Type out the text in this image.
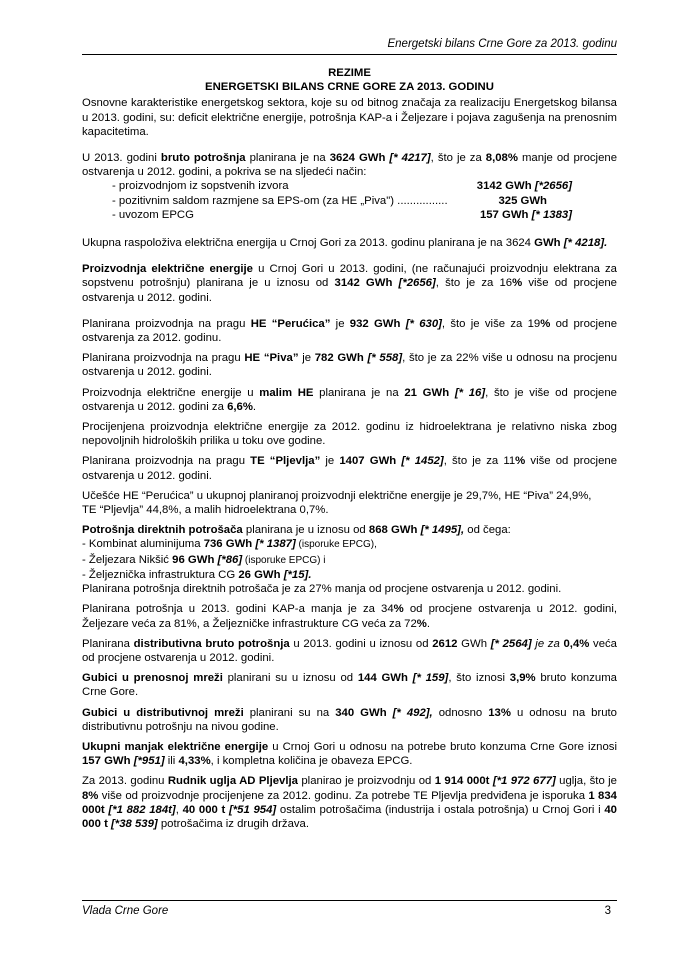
Energetski bilans Crne Gore za 2013. godinu

REZIME

ENERGETSKI BILANS CRNE GORE ZA 2013. GODINU

Osnovne karakteristike energetskog sektora, koje su od bitnog značaja za realizaciju Energetskog bilansa u 2013. godini, su: deficit električne energije, potrošnja KAP-a i Željezare i pojava zagušenja na prenosnim kapacitetima.

U 2013. godini bruto potrošnja planirana je na 3624 GWh [* 4217], što je za 8,08% manje od procjene ostvarenja u 2012. godini, a pokriva se na sljedeći način:

- proizvodnjom iz sopstvenih izvora	3142 GWh [*2656]
- pozitivnim saldom razmjene sa EPS-om (za HE „Piva") ................	325 GWh
- uvozom EPCG	157 GWh [* 1383]

Ukupna raspoloživa električna energija u Crnoj Gori za 2013. godinu planirana je na 3624 GWh [* 4218].

Proizvodnja električne energije u Crnoj Gori u 2013. godini, (ne računajući proizvodnju elektrana za sopstvenu potrošnju) planirana je u iznosu od 3142 GWh [*2656], što je za 16% više od procjene ostvarenja u 2012. godini.

Planirana proizvodnja na pragu HE “Perućica” je 932 GWh [* 630], što je više za 19% od procjene ostvarenja za 2012. godinu.

Planirana proizvodnja na pragu HE “Piva” je 782 GWh [* 558], što je za 22% više u odnosu na procjenu ostvarenja u 2012. godini.

Proizvodnja električne energije u malim HE planirana je na 21 GWh [* 16], što je više od procjene ostvarenja u 2012. godini za 6,6%.

Procijenjena proizvodnja električne energije za 2012. godinu iz hidroelektrana je relativno niska zbog nepovoljnih hidroloških prilika u toku ove godine.

Planirana proizvodnja na pragu TE “Pljevlja” je 1407 GWh [* 1452], što je za 11% više od procjene ostvarenja u 2012. godini.

Učešće HE “Perućica” u ukupnoj planiranoj proizvodnji električne energije je 29,7%, HE “Piva” 24,9%,
TE “Pljevlja” 44,8%, a malih hidroelektrana 0,7%.

Potrošnja direktnih potrošača planirana je u iznosu od 868 GWh [* 1495], od čega:

- Kombinat aluminijuma 736 GWh [* 1387] (isporuke EPCG),
- Željezara Nikšić 96 GWh [*86] (isporuke EPCG) i
- Željeznička infrastruktura CG 26 GWh [*15].

Planirana potrošnja direktnih potrošača je za 27% manja od procjene ostvarenja u 2012. godini.

Planirana potrošnja u 2013. godini KAP-a manja je za 34% od procjene ostvarenja u 2012. godini, Željezare veća za 81%, a Željezničke infrastrukture CG veća za 72%.

Planirana distributivna bruto potrošnja u 2013. godini u iznosu od 2612 GWh [* 2564] je za 0,4% veća od procjene ostvarenja u 2012. godini.

Gubici u prenosnoj mreži planirani su u iznosu od 144 GWh [* 159], što iznosi 3,9% bruto konzuma Crne Gore.

Gubici u distributivnoj mreži planirani su na 340 GWh [* 492], odnosno 13% u odnosu na bruto distributivnu potrošnju na nivou godine.

Ukupni manjak električne energije u Crnoj Gori u odnosu na potrebe bruto konzuma Crne Gore iznosi 157 GWh [*951] ili 4,33%, i kompletna količina je obaveza EPCG.

Za 2013. godinu Rudnik uglja AD Pljevlja planirao je proizvodnju od 1 914 000t [*1 972 677] uglja, što je 8% više od proizvodnje procijenjene za 2012. godinu. Za potrebe TE Pljevlja predviđena je isporuka 1 834 000t [*1 882 184t], 40 000 t [*51 954] ostalim potrošačima (industrija i ostala potrošnja) u Crnoj Gori i 40 000 t [*38 539] potrošačima iz drugih država.

Vlada Crne Gore	3
